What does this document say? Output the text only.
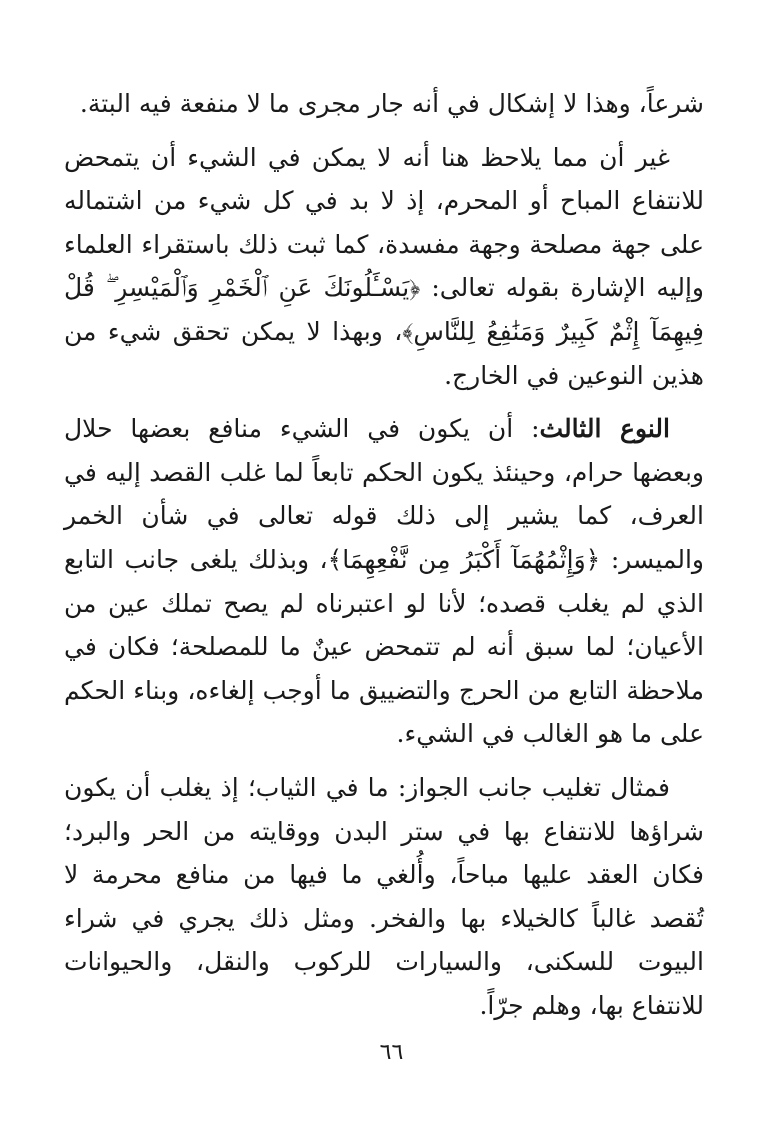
شرعاً، وهذا لا إشكال في أنه جار مجرى ما لا منفعة فيه البتة.

غير أن مما يلاحظ هنا أنه لا يمكن في الشيء أن يتمحض للانتفاع المباح أو المحرم، إذ لا بد في كل شيء من اشتماله على جهة مصلحة وجهة مفسدة، كما ثبت ذلك باستقراء العلماء وإليه الإشارة بقوله تعالى: ﴿يَسْـَٔلُونَكَ عَنِ ٱلْخَمْرِ وَٱلْمَيْسِرِ ۖ قُلْ فِيهِمَآ إِثْمٌ كَبِيرٌ وَمَنَٰفِعُ لِلنَّاسِ﴾، وبهذا لا يمكن تحقق شيء من هذين النوعين في الخارج.

النوع الثالث: أن يكون في الشيء منافع بعضها حلال وبعضها حرام، وحينئذ يكون الحكم تابعاً لما غلب القصد إليه في العرف، كما يشير إلى ذلك قوله تعالى في شأن الخمر والميسر: ﴿وَإِثْمُهُمَآ أَكْبَرُ مِن نَّفْعِهِمَا﴾، وبذلك يلغى جانب التابع الذي لم يغلب قصده؛ لأنا لو اعتبرناه لم يصح تملك عين من الأعيان؛ لما سبق أنه لم تتمحض عينٌ ما للمصلحة؛ فكان في ملاحظة التابع من الحرج والتضييق ما أوجب إلغاءه، وبناء الحكم على ما هو الغالب في الشيء.

فمثال تغليب جانب الجواز: ما في الثياب؛ إذ يغلب أن يكون شراؤها للانتفاع بها في ستر البدن ووقايته من الحر والبرد؛ فكان العقد عليها مباحاً، وأُلغي ما فيها من منافع محرمة لا تُقصد غالباً كالخيلاء بها والفخر. ومثل ذلك يجري في شراء البيوت للسكنى، والسيارات للركوب والنقل، والحيوانات للانتفاع بها، وهلم جرّاً.

٦٦
